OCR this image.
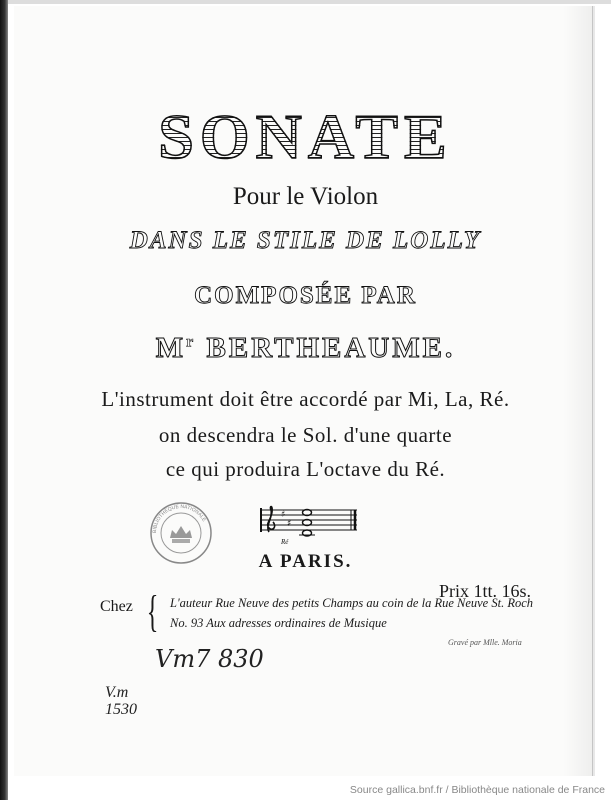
SONATE
Pour le Violon
DANS LE STILE DE LOLLY
COMPOSÉE PAR
$M^r$ BERTHEAUME.
L'instrument doit être accordé par Mi, La, Ré.
on descendra le Sol. d'une quarte
ce qui produira L'octave du Ré.
BIBLIOTHÈQUE NATIONALE	♯
♯
Ré
A PARIS.
Prix 1tt. 16s.
Chez { L'auteur Rue Neuve des petits Champs au coin de la Rue Neuve St. Roch
No. 93 Aux adresses ordinaires de Musique
Gravé par Mlle. Moria
Vm7 830
V.m
1530
Source gallica.bnf.fr / Bibliothèque nationale de France
